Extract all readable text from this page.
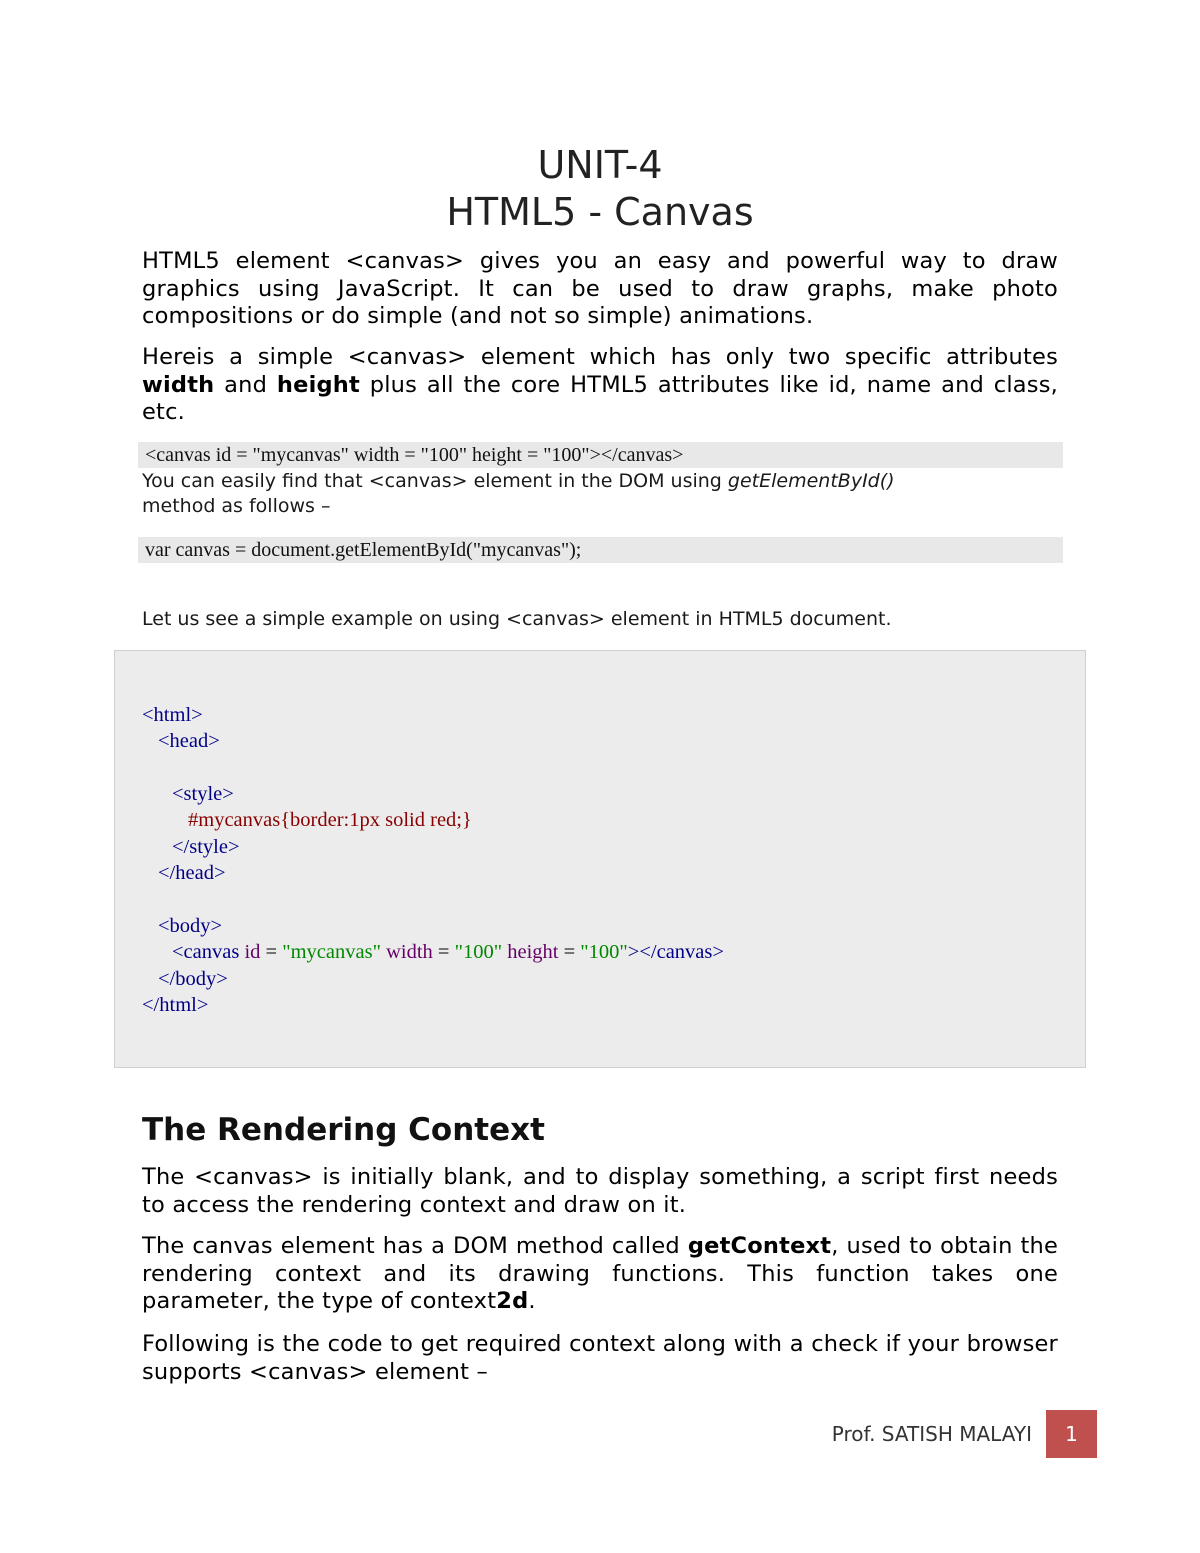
UNIT-4
HTML5 - Canvas
HTML5 element <canvas> gives you an easy and powerful way to draw graphics using JavaScript. It can be used to draw graphs, make photo compositions or do simple (and not so simple) animations.
Hereis a simple <canvas> element which has only two specific attributes width and height plus all the core HTML5 attributes like id, name and class, etc.
<canvas id = "mycanvas" width = "100" height = "100"></canvas>
You can easily find that <canvas> element in the DOM using getElementById()
method as follows –
var canvas = document.getElementById("mycanvas");
Let us see a simple example on using <canvas> element in HTML5 document.
<html>
<head>
<style>
#mycanvas{border:1px solid red;}
</style>
</head>
<body>
<canvas id = "mycanvas" width = "100" height = "100"></canvas>
</body>
</html>
The Rendering Context
The <canvas> is initially blank, and to display something, a script first needs to access the rendering context and draw on it.
The canvas element has a DOM method called getContext, used to obtain the rendering context and its drawing functions. This function takes one parameter, the type of context2d.
Following is the code to get required context along with a check if your browser supports <canvas> element –
Prof. SATISH MALAYI	1
